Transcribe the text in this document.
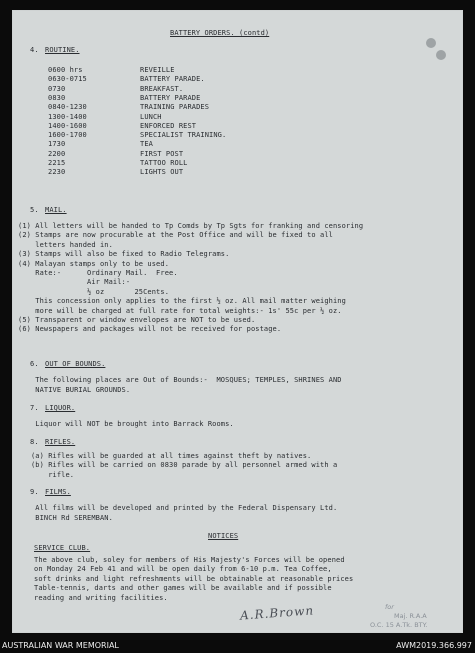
BATTERY ORDERS. (contd)
4. ROUTINE.
0600 hrs	REVEILLE
0630-0715	BATTERY PARADE.
0730	BREAKFAST.
0830	BATTERY PARADE
0840-1230	TRAINING PARADES
1300-1400	LUNCH
1400-1600	ENFORCED REST
1600-1700	SPECIALIST TRAINING.
1730	TEA
2200	FIRST POST
2215	TATTOO ROLL
2230	LIGHTS OUT
5. MAIL.
(1) All letters will be handed to Tp Comds by Tp Sgts for franking and censoring
(2) Stamps are now procurable at the Post Office and will be fixed to all
letters handed in.
(3) Stamps will also be fixed to Radio Telegrams.
(4) Malayan stamps only to be used.
Rate:-      Ordinary Mail.  Free.
Air Mail:-
½ oz       25Cents.
This concession only applies to the first ½ oz. All mail matter weighing
more will be charged at full rate for total weights:- 1s' 55c per ½ oz.
(5) Transparent or window envelopes are NOT to be used.
(6) Newspapers and packages will not be received for postage.
6. OUT OF BOUNDS.
The following places are Out of Bounds:-  MOSQUES; TEMPLES, SHRINES AND
NATIVE BURIAL GROUNDS.
7. LIQUOR.
Liquor will NOT be brought into Barrack Rooms.
8. RIFLES.
(a) Rifles will be guarded at all times against theft by natives.
(b) Rifles will be carried on 0830 parade by all personnel armed with a
rifle.
9. FILMS.
All films will be developed and printed by the Federal Dispensary Ltd.
BINCH Rd SEREMBAN.
NOTICES
SERVICE CLUB.
The above club, soley for members of His Majesty's Forces will be opened
on Monday 24 Feb 41 and will be open daily from 6-10 p.m. Tea Coffee,
soft drinks and light refreshments will be obtainable at reasonable prices
Table-tennis, darts and other games will be available and if possible
reading and writing facilities.
A.R.Brown	for
Maj. R.A.A
O.C. 15 A.Tk. BTY.
AUSTRALIAN WAR MEMORIAL	AWM2019.366.997
